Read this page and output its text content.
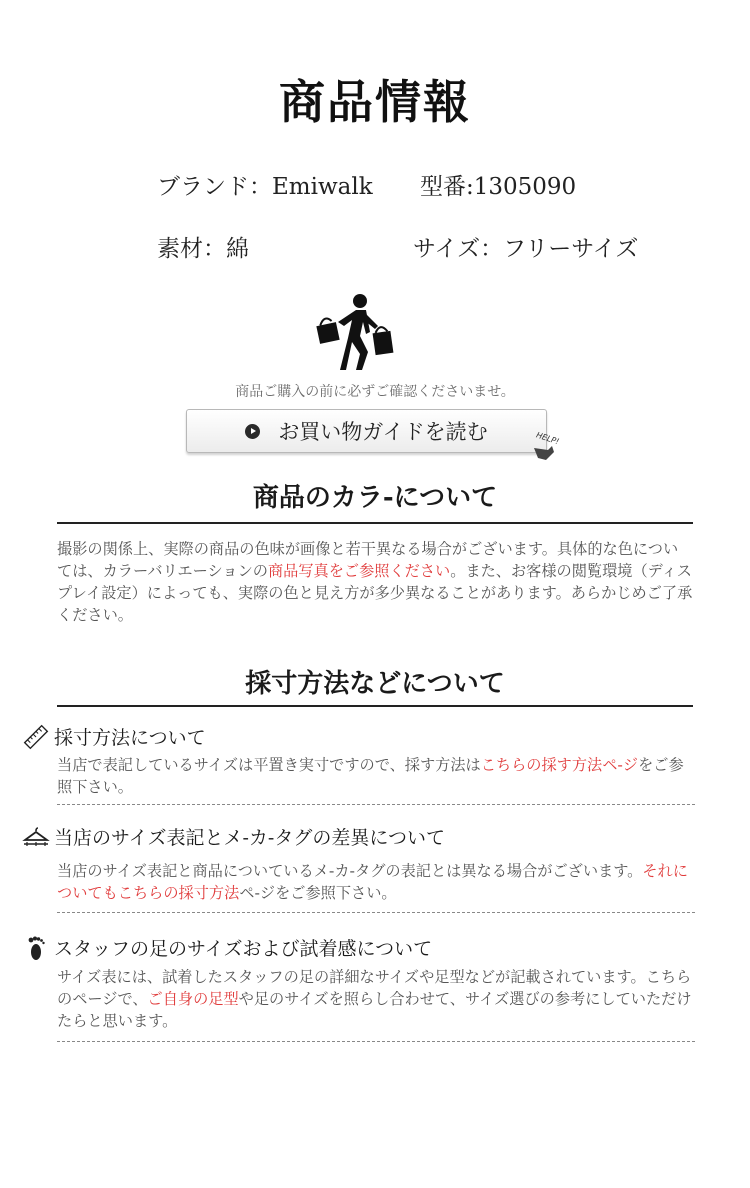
商品情報
ブランド：Emiwalk 型番:1305090
素材：綿	サイズ：フリーサイズ
商品ご購入の前に必ずご確認くださいませ。
お買い物ガイドを読む	HELP!
商品のカラ-について

撮影の関係上、実際の商品の色味が画像と若干異なる場合がございます。具体的な色については、カラーバリエーションの商品写真をご参照ください。また、お客様の閲覧環境（ディスプレイ設定）によっても、実際の色と見え方が多少異なることがあります。あらかじめご了承ください。

採寸方法などについて
採寸方法について

当店で表記しているサイズは平置き実寸ですので、採す方法はこちらの採す方法ペ-ジをご参照下さい。

当店のサイズ表記とメ-カ-タグの差異について

当店のサイズ表記と商品についているメ-カ-タグの表記とは異なる場合がございます。それについてもこちらの採寸方法ペ-ジをご参照下さい。

スタッフの足のサイズおよび試着感について

サイズ表には、試着したスタッフの足の詳細なサイズや足型などが記載されています。こちらのページで、ご自身の足型や足のサイズを照らし合わせて、サイズ選びの参考にしていただけたらと思います。
